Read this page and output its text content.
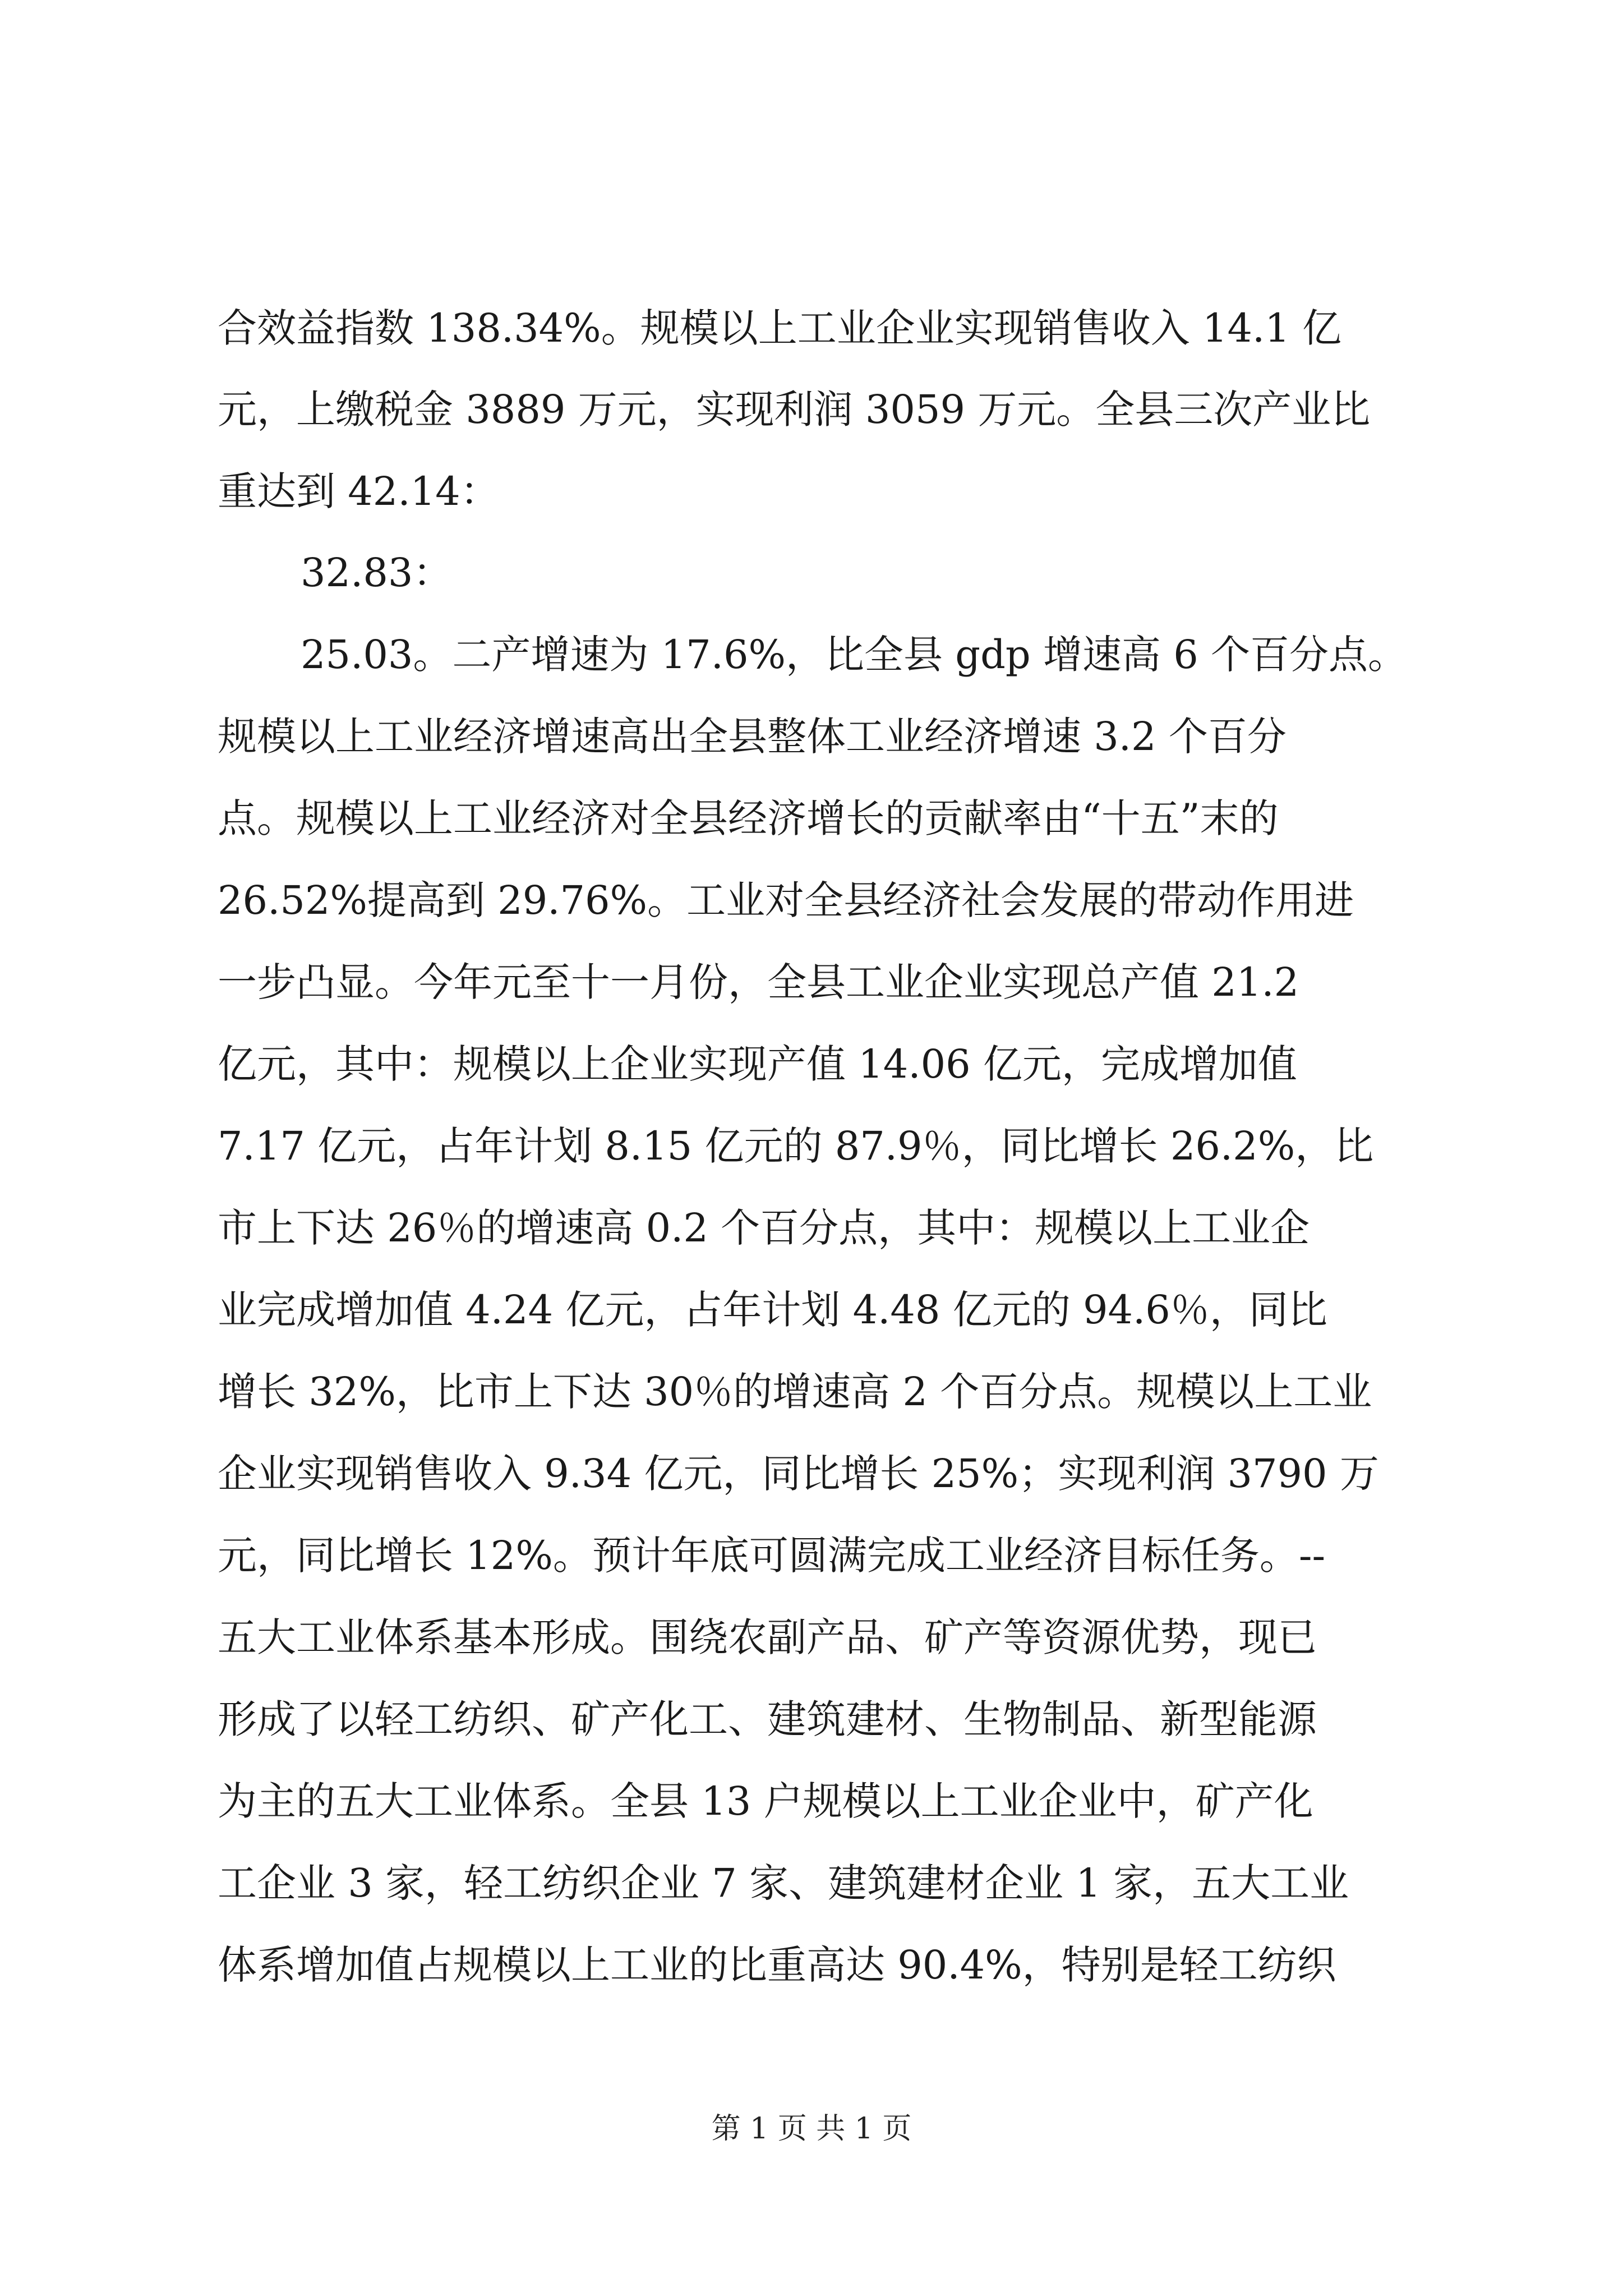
合效益指数 138.34%。规模以上工业企业实现销售收入 14.1 亿
元，上缴税金 3889 万元，实现利润 3059 万元。全县三次产业比
重达到 42.14：
32.83：
25.03。二产增速为 17.6%，比全县 gdp 增速高 6 个百分点。
规模以上工业经济增速高出全县整体工业经济增速 3.2 个百分
点。规模以上工业经济对全县经济增长的贡献率由“十五”末的
26.52%提高到 29.76%。工业对全县经济社会发展的带动作用进
一步凸显。今年元至十一月份，全县工业企业实现总产值 21.2
亿元，其中：规模以上企业实现产值 14.06 亿元，完成增加值
7.17 亿元，占年计划 8.15 亿元的 87.9％，同比增长 26.2%，比
市上下达 26％的增速高 0.2 个百分点，其中：规模以上工业企
业完成增加值 4.24 亿元，占年计划 4.48 亿元的 94.6％，同比
增长 32%，比市上下达 30％的增速高 2 个百分点。规模以上工业
企业实现销售收入 9.34 亿元，同比增长 25%；实现利润 3790 万
元，同比增长 12%。预计年底可圆满完成工业经济目标任务。--
五大工业体系基本形成。围绕农副产品、矿产等资源优势，现已
形成了以轻工纺织、矿产化工、建筑建材、生物制品、新型能源
为主的五大工业体系。全县 13 户规模以上工业企业中，矿产化
工企业 3 家，轻工纺织企业 7 家、建筑建材企业 1 家，五大工业
体系增加值占规模以上工业的比重高达 90.4%，特别是轻工纺织
第 1 页 共 1 页
